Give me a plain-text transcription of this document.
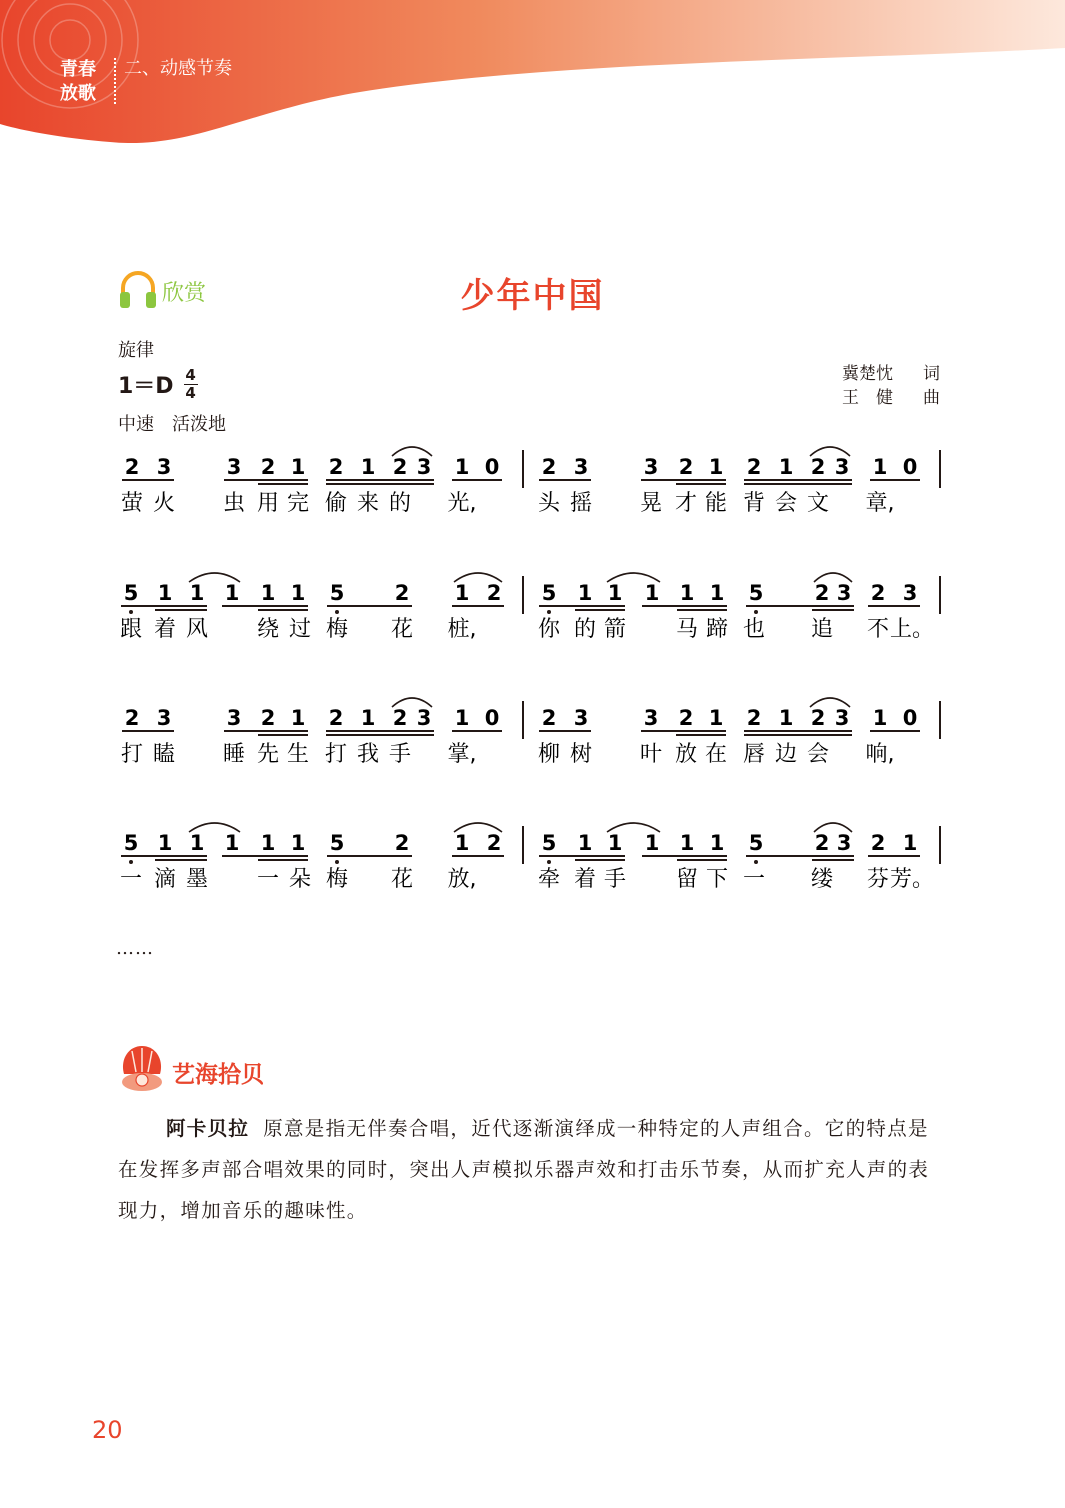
青春
放歌
二、动感节奏
欣赏	少年中国
旋律
1＝D 4
4
中速　活泼地
冀楚忱 词
王　健 曲
2 3	3 2 1 2 1 2 3 1 0 2 3	3 2 1 2 1 2 3 1 0
萤 火 虫 用 完 偷 来 的 光,	头 摇 晃 才 能 背 会 文 章,
5 1 1 1 1 1 5 2 1 2 5 1 1 1 1 1 5 2 3 2 3
跟 着 风 绕 过 梅 花 桩,	你 的 箭 马 蹄 也 追 不 上。
2 3	3 2 1 2 1 2 3 1 0 2 3	3 2 1 2 1 2 3 1 0
打 瞌 睡 先 生 打 我 手 掌,	柳 树 叶 放 在 唇 边 会 响,
5 1 1 1 1 1 5 2 1 2 5 1 1 1 1 1 5 2 3 2 1
一 滴 墨 一 朵 梅 花 放,	牵 着 手 留 下 一 缕 芬 芳。
……
艺海拾贝

阿卡贝拉 原意是指无伴奏合唱，近代逐渐演绎成一种特定的人声组合。它的特点是在发挥多声部合唱效果的同时，突出人声模拟乐器声效和打击乐节奏，从而扩充人声的表现力，增加音乐的趣味性。

20
